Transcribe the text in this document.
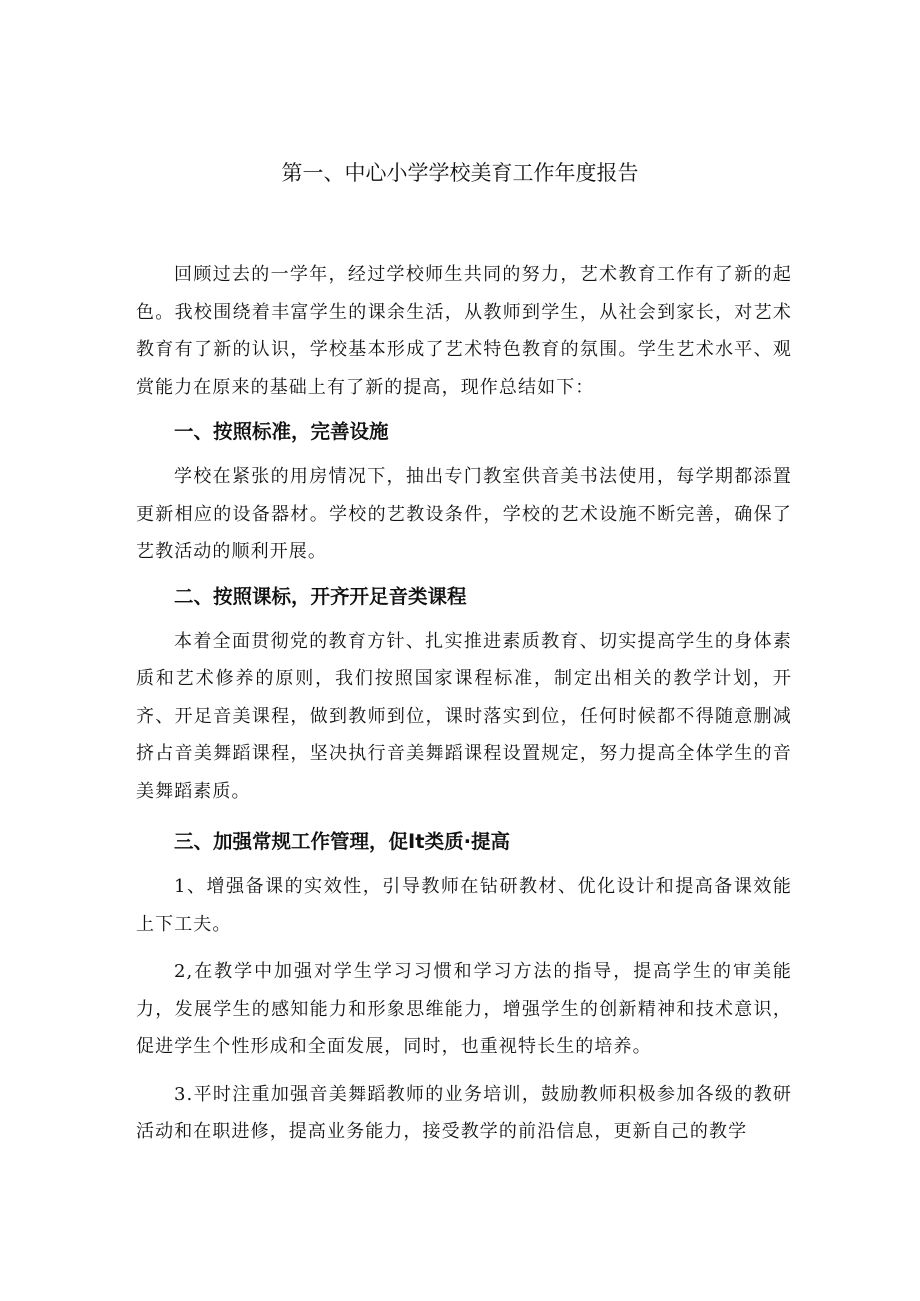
第一、中心小学学校美育工作年度报告

回顾过去的一学年，经过学校师生共同的努力，艺术教育工作有了新的起色。我校围绕着丰富学生的课余生活，从教师到学生，从社会到家长，对艺术教育有了新的认识，学校基本形成了艺术特色教育的氛围。学生艺术水平、观赏能力在原来的基础上有了新的提高，现作总结如下：

一、按照标准，完善设施

学校在紧张的用房情况下，抽出专门教室供音美书法使用，每学期都添置更新相应的设备器材。学校的艺教设条件，学校的艺术设施不断完善，确保了艺教活动的顺利开展。

二、按照课标，开齐开足音类课程

本着全面贯彻党的教育方针、扎实推进素质教育、切实提高学生的身体素质和艺术修养的原则，我们按照国家课程标准，制定出相关的教学计划，开齐、开足音美课程，做到教师到位，课时落实到位，任何时候都不得随意删减挤占音美舞蹈课程，坚决执行音美舞蹈课程设置规定，努力提高全体学生的音美舞蹈素质。

三、加强常规工作管理，促It类质·提高

1、增强备课的实效性，引导教师在钻研教材、优化设计和提高备课效能上下工夫。

2,在教学中加强对学生学习习惯和学习方法的指导，提高学生的审美能力，发展学生的感知能力和形象思维能力，增强学生的创新精神和技术意识，促进学生个性形成和全面发展，同时，也重视特长生的培养。

3.平时注重加强音美舞蹈教师的业务培训，鼓励教师积极参加各级的教研活动和在职进修，提高业务能力，接受教学的前沿信息，更新自己的教学
